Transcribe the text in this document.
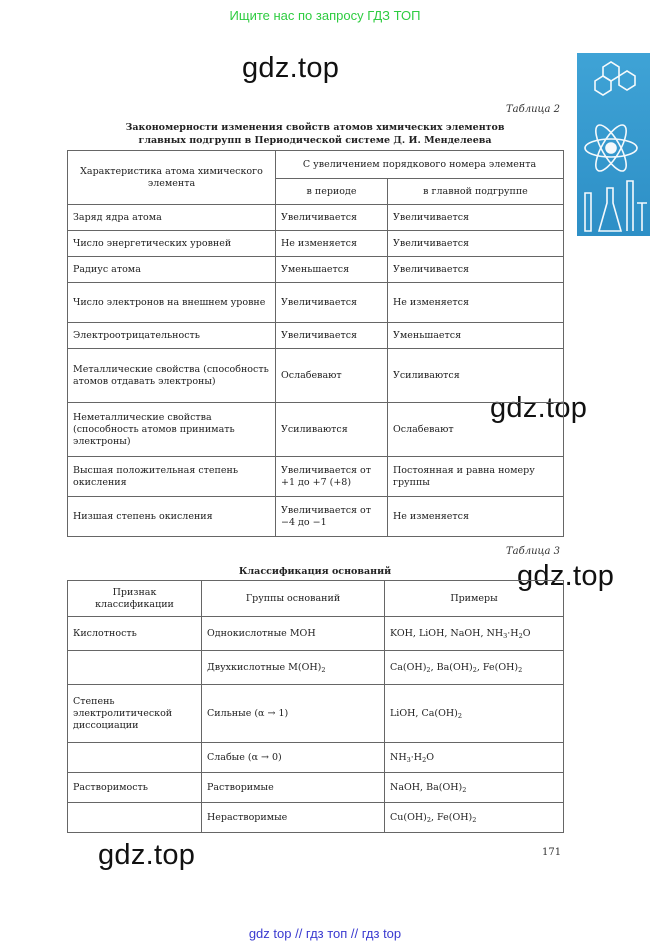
Ищите нас по запросу ГДЗ ТОП
gdz.top
gdz.top
gdz.top
gdz.top
Таблица 2
Закономерности изменения свойств атомов химических элементов
главных подгрупп в Периодической системе Д. И. Менделеева
Характеристика атома химического элемента	С увеличением порядкового номера элемента	
	в периоде	в главной подгруппе
Заряд ядра атома	Увеличивается	Увеличивается
Число энергетических уровней	Не изменяется	Увеличивается
Радиус атома	Уменьшается	Увеличивается
Число электронов на внешнем уровне	Увеличивается	Не изменяется
Электроотрицательность	Увеличивается	Уменьшается
Металлические свойства (способность атомов отдавать электроны)	Ослабевают	Усиливаются
Неметаллические свойства (способность атомов принимать электроны)	Усиливаются	Ослабевают
Высшая положительная степень окисления	Увеличивается от +1 до +7 (+8)	Постоянная и равна номеру группы
Низшая степень окисления	Увеличивается от −4 до −1	Не изменяется
Таблица 3
Классификация оснований
Признак классификации	Группы оснований	Примеры
Кислотность	Однокислотные MOH	KOH, LiOH, NaOH, $NH_3\cdot H_2O$
	Двухкислотные $M(OH)_2$	$Ca(OH)_2$, $Ba(OH)_2$, $Fe(OH)_2$
Степень электролитической диссоциации	Сильные (α → 1)	LiOH, $Ca(OH)_2$
	Слабые (α → 0)	$NH_3\cdot H_2O$
Растворимость	Растворимые	NaOH, $Ba(OH)_2$
	Нерастворимые	$Cu(OH)_2$, $Fe(OH)_2$
171
gdz top // гдз топ // гдз top
